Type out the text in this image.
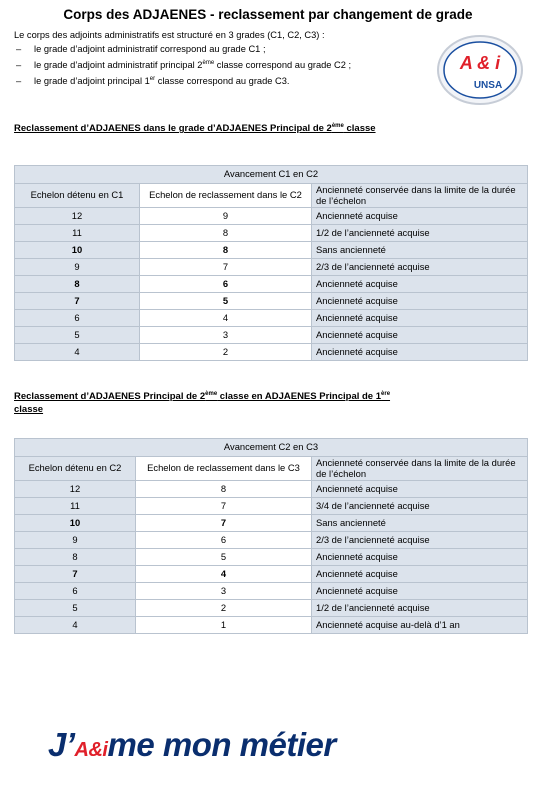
Corps des ADJAENES - reclassement par changement de grade
Le corps des adjoints administratifs est structuré en 3 grades (C1, C2, C3) :
– le grade d’adjoint administratif correspond au grade C1 ;
– le grade d’adjoint administratif principal 2ème classe correspond au grade C2 ;
– le grade d’adjoint principal 1er classe correspond au grade C3.
A & i
UNSA
Reclassement d’ADJAENES dans le grade d’ADJAENES Principal de 2ème classe
Avancement C1 en C2		
Echelon détenu en C1	Echelon de reclassement dans le C2	Ancienneté conservée dans la limite de la durée de l’échelon
12	9	Ancienneté acquise
11	8	1/2 de l’ancienneté acquise
10	8	Sans ancienneté
9	7	2/3 de l’ancienneté acquise
8	6	Ancienneté acquise
7	5	Ancienneté acquise
6	4	Ancienneté acquise
5	3	Ancienneté acquise
4	2	Ancienneté acquise
Reclassement d’ADJAENES Principal de 2ème classe en ADJAENES Principal de 1ère
classe
Avancement C2 en C3		
Echelon détenu en C2	Echelon de reclassement dans le C3	Ancienneté conservée dans la limite de la durée de l’échelon
12	8	Ancienneté acquise
11	7	3/4 de l’ancienneté acquise
10	7	Sans ancienneté
9	6	2/3 de l’ancienneté acquise
8	5	Ancienneté acquise
7	4	Ancienneté acquise
6	3	Ancienneté acquise
5	2	1/2 de l’ancienneté acquise
4	1	Ancienneté acquise au-delà d’1 an
J’A&ime mon métier
